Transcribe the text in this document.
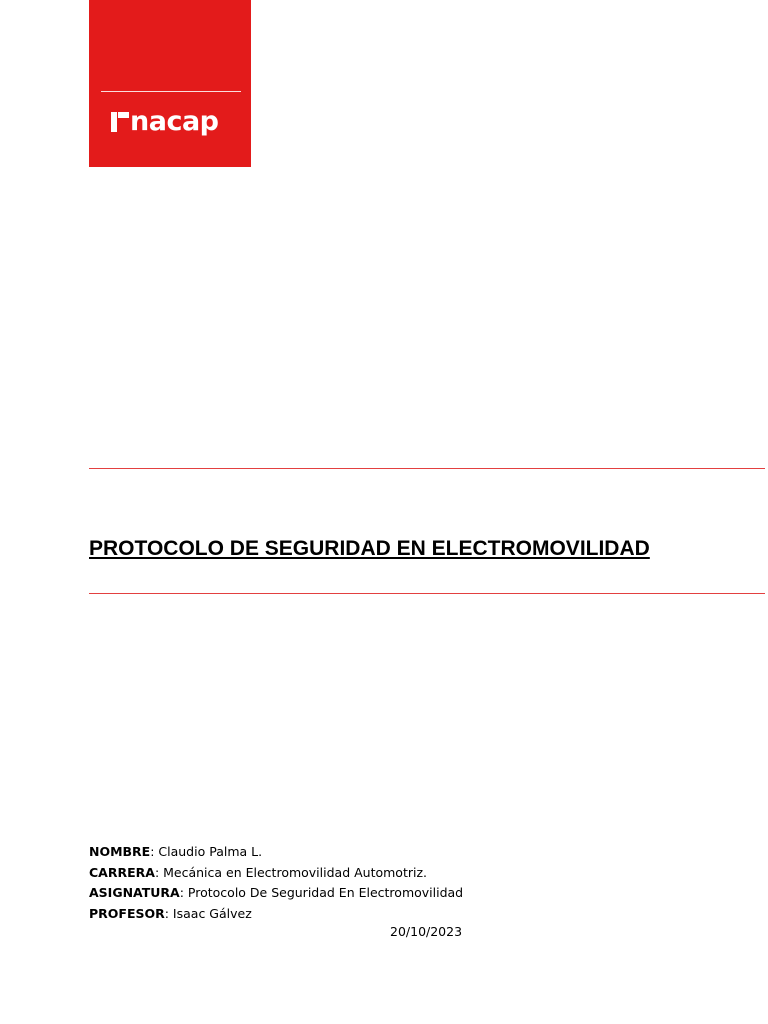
nacap
PROTOCOLO DE SEGURIDAD EN ELECTROMOVILIDAD
NOMBRE: Claudio Palma L.
CARRERA: Mecánica en Electromovilidad Automotriz.
ASIGNATURA: Protocolo De Seguridad En Electromovilidad
PROFESOR: Isaac Gálvez
20/10/2023
